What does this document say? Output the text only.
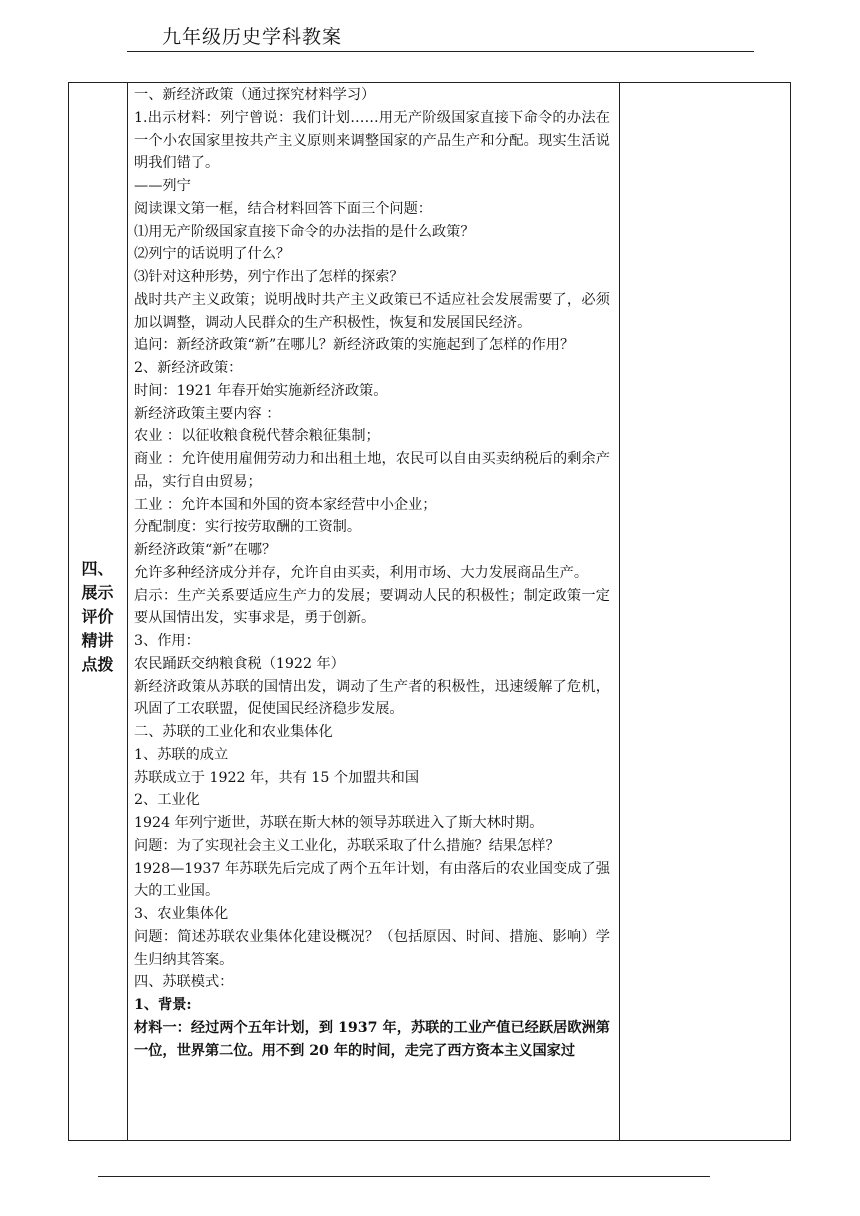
九年级历史学科教案
四、
展示
评价
精讲
点拨

一、新经济政策（通过探究材料学习）

1.出示材料：列宁曾说：我们计划……用无产阶级国家直接下命令的办法在一个小农国家里按共产主义原则来调整国家的产品生产和分配。现实生活说明我们错了。

——列宁

阅读课文第一框，结合材料回答下面三个问题：

⑴用无产阶级国家直接下命令的办法指的是什么政策？

⑵列宁的话说明了什么？

⑶针对这种形势，列宁作出了怎样的探索？

战时共产主义政策；说明战时共产主义政策已不适应社会发展需要了，必须加以调整，调动人民群众的生产积极性，恢复和发展国民经济。

追问：新经济政策“新”在哪儿？新经济政策的实施起到了怎样的作用？

2、新经济政策：

时间：1921 年春开始实施新经济政策。

新经济政策主要内容 ：

农业 ：以征收粮食税代替余粮征集制；

商业 ：允许使用雇佣劳动力和出租土地，农民可以自由买卖纳税后的剩余产品，实行自由贸易；

工业 ：允许本国和外国的资本家经营中小企业；

分配制度：实行按劳取酬的工资制。

新经济政策“新”在哪？

允许多种经济成分并存，允许自由买卖，利用市场、大力发展商品生产。

启示：生产关系要适应生产力的发展；要调动人民的积极性；制定政策一定要从国情出发，实事求是，勇于创新。

3、作用：

农民踊跃交纳粮食税（1922 年）

新经济政策从苏联的国情出发，调动了生产者的积极性，迅速缓解了危机，巩固了工农联盟，促使国民经济稳步发展。

二、苏联的工业化和农业集体化

1、苏联的成立

苏联成立于 1922 年，共有 15 个加盟共和国

2、工业化

1924 年列宁逝世，苏联在斯大林的领导苏联进入了斯大林时期。

问题：为了实现社会主义工业化，苏联采取了什么措施？结果怎样？

1928—1937 年苏联先后完成了两个五年计划，有由落后的农业国变成了强大的工业国。

3、农业集体化

问题：简述苏联农业集体化建设概况？（包括原因、时间、措施、影响）学生归纳其答案。

四、苏联模式：

1、背景:

材料一：经过两个五年计划，到 1937 年，苏联的工业产值已经跃居欧洲第一位，世界第二位。用不到 20 年的时间，走完了西方资本主义国家过
